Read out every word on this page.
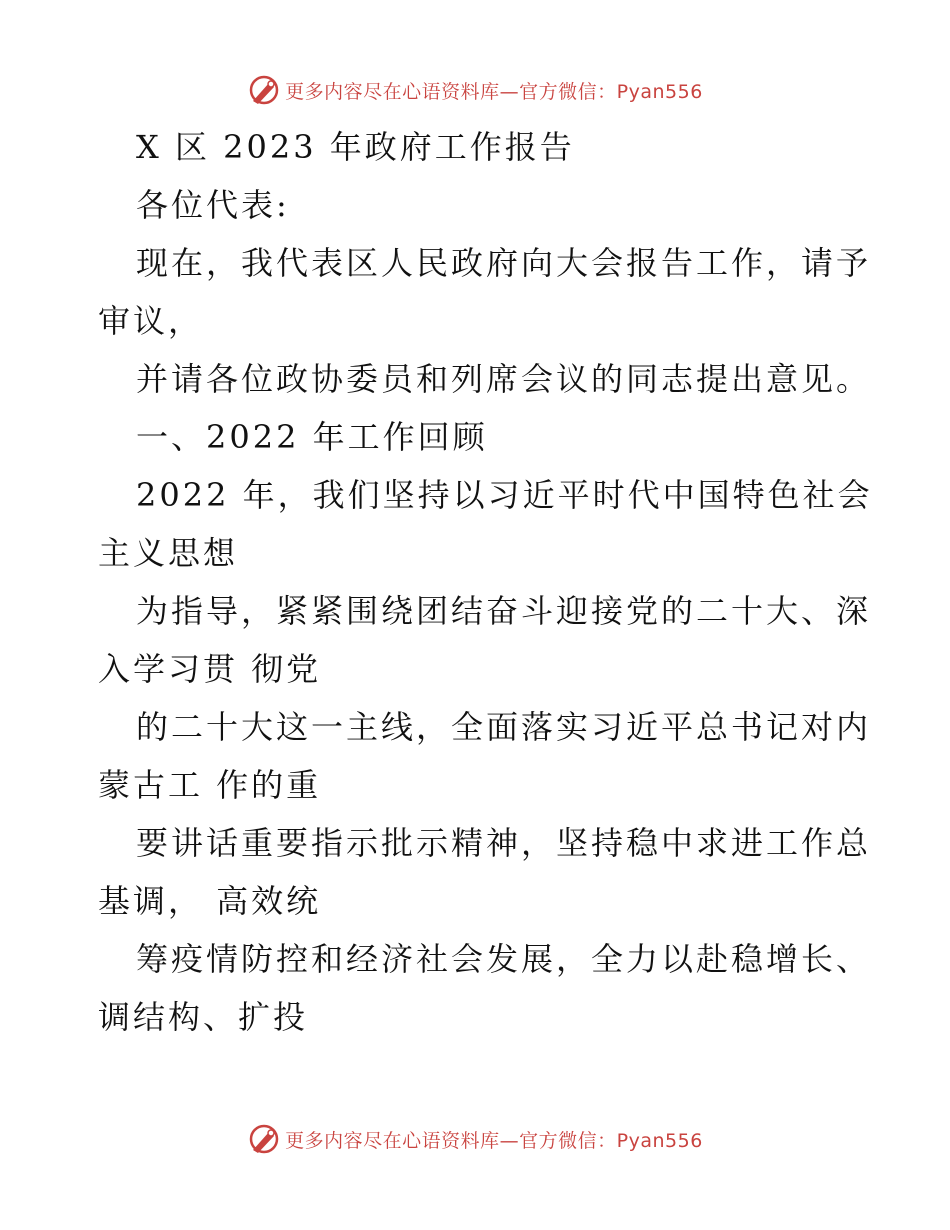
更多内容尽在心语资料库—官方微信：Pyan556

X 区 2023 年政府工作报告

各位代表:

现在，我代表区人民政府向大会报告工作，请予审议，

并请各位政协委员和列席会议的同志提出意见。

一、2022 年工作回顾

2022 年，我们坚持以习近平时代中国特色社会主义思想

为指导，紧紧围绕团结奋斗迎接党的二十大、深入学习贯 彻党

的二十大这一主线，全面落实习近平总书记对内蒙古工 作的重

要讲话重要指示批示精神，坚持稳中求进工作总基调， 高效统

筹疫情防控和经济社会发展，全力以赴稳增长、调结构、扩投

更多内容尽在心语资料库—官方微信：Pyan556
